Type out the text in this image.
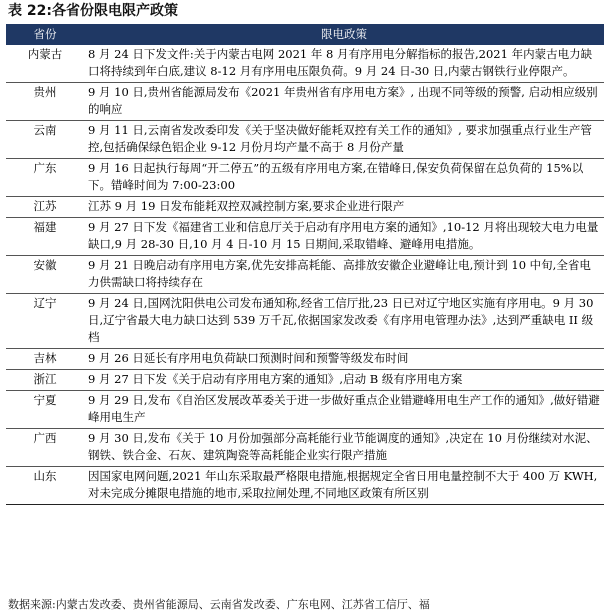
表 22:各省份限电限产政策
省份	限电政策
内蒙古	8 月 24 日下发文件:关于内蒙古电网 2021 年 8 月有序用电分解指标的报告,2021 年内蒙古电力缺口将持续到年白底,建议 8-12 月有序用电压限负荷。9 月 24 日-30 日,内蒙古钢铁行业停限产。
贵州	9 月 10 日,贵州省能源局发布《2021 年贵州省有序用电方案》, 出现不同等级的预警, 启动相应级别的响应
云南	9 月 11 日,云南省发改委印发《关于坚决做好能耗双控有关工作的通知》, 要求加强重点行业生产管控,包括确保绿色铝企业 9-12 月份月均产量不高于 8 月份产量
广东	9 月 16 日起执行每周“开二停五”的五级有序用电方案,在错峰日,保安负荷保留在总负荷的 15%以下。错峰时间为 7:00-23:00
江苏	江苏 9 月 19 日发布能耗双控双减控制方案,要求企业进行限产
福建	9 月 27 日下发《福建省工业和信息厅关于启动有序用电方案的通知》,10-12 月将出现较大电力电量缺口,9 月 28-30 日,10 月 4 日-10 月 15 日期间,采取错峰、避峰用电措施。
安徽	9 月 21 日晚启动有序用电方案,优先安排高耗能、高排放安徽企业避峰让电,预计到 10 中旬,全省电力供需缺口将持续存在
辽宁	9 月 24 日,国网沈阳供电公司发布通知称,经省工信厅批,23 日已对辽宁地区实施有序用电。9 月 30 日,辽宁省最大电力缺口达到 539 万千瓦,依据国家发改委《有序用电管理办法》,达到严重缺电 II 级档
吉林	9 月 26 日延长有序用电负荷缺口预测时间和预警等级发布时间
浙江	9 月 27 日下发《关于启动有序用电方案的通知》,启动 B 级有序用电方案
宁夏	9 月 29 日,发布《自治区发展改革委关于进一步做好重点企业错避峰用电生产工作的通知》,做好错避峰用电生产
广西	9 月 30 日,发布《关于 10 月份加强部分高耗能行业节能调度的通知》,决定在 10 月份继续对水泥、钢铁、铁合金、石灰、建筑陶瓷等高耗能企业实行限产措施
山东	因国家电网问题,2021 年山东采取最严格限电措施,根据规定全省日用电量控制不大于 400 万 KWH,对未完成分摊限电措施的地市,采取拉闸处理,不同地区政策有所区别
数据来源:内蒙古发改委、贵州省能源局、云南省发改委、广东电网、江苏省工信厅、福
